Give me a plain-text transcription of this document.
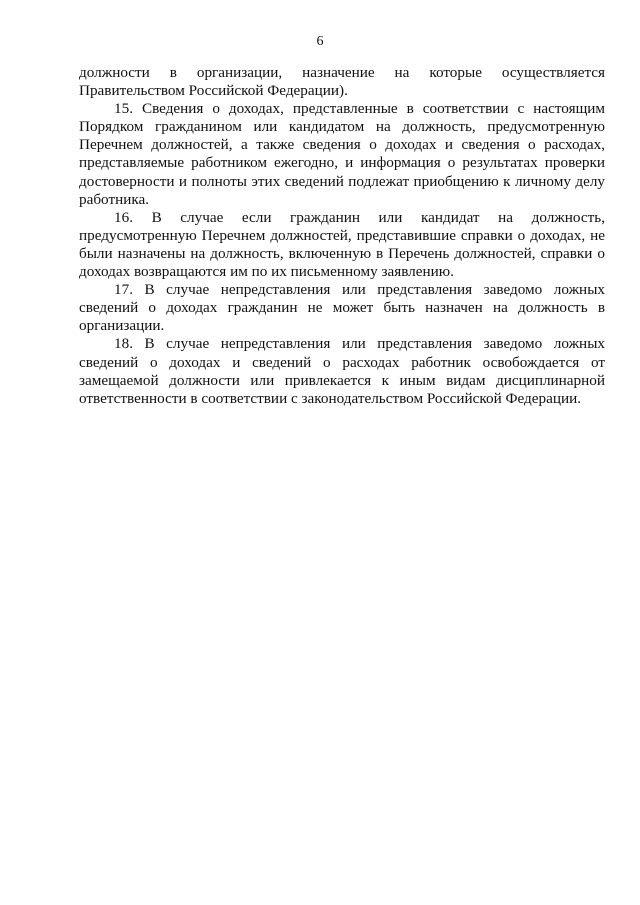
6

должности в организации, назначение на которые осуществляется Правительством Российской Федерации).

15. Сведения о доходах, представленные в соответствии с настоящим Порядком гражданином или кандидатом на должность, предусмотренную Перечнем должностей, а также сведения о доходах и сведения о расходах, представляемые работником ежегодно, и информация о результатах проверки достоверности и полноты этих сведений подлежат приобщению к личному делу работника.

16. В случае если гражданин или кандидат на должность, предусмотренную Перечнем должностей, представившие справки о доходах, не были назначены на должность, включенную в Перечень должностей, справки о доходах возвращаются им по их письменному заявлению.

17. В случае непредставления или представления заведомо ложных сведений о доходах гражданин не может быть назначен на должность в организации.

18. В случае непредставления или представления заведомо ложных сведений о доходах и сведений о расходах работник освобождается от замещаемой должности или привлекается к иным видам дисциплинарной ответственности в соответствии с законодательством Российской Федерации.
